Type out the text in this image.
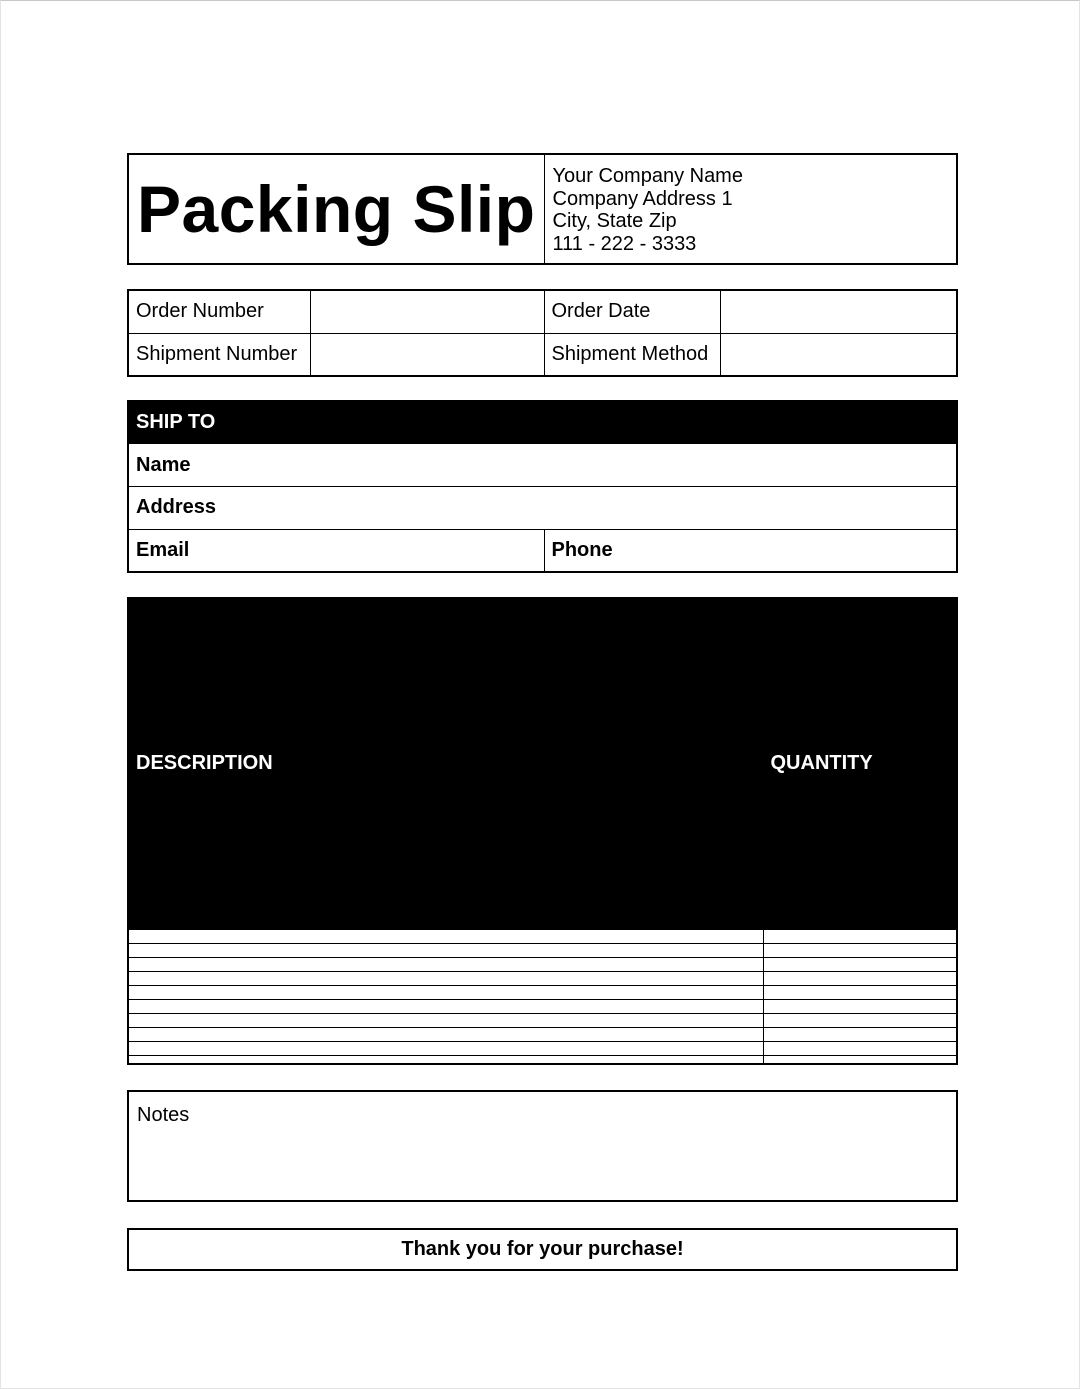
Packing Slip	Your Company Name
Company Address 1
City, State Zip
111 - 222 - 3333
Order Number		Order Date	
Shipment Number		Shipment Method	
SHIP TO	
Name	
Address	
Email	Phone
DESCRIPTION	QUANTITY

Notes
Thank you for your purchase!
